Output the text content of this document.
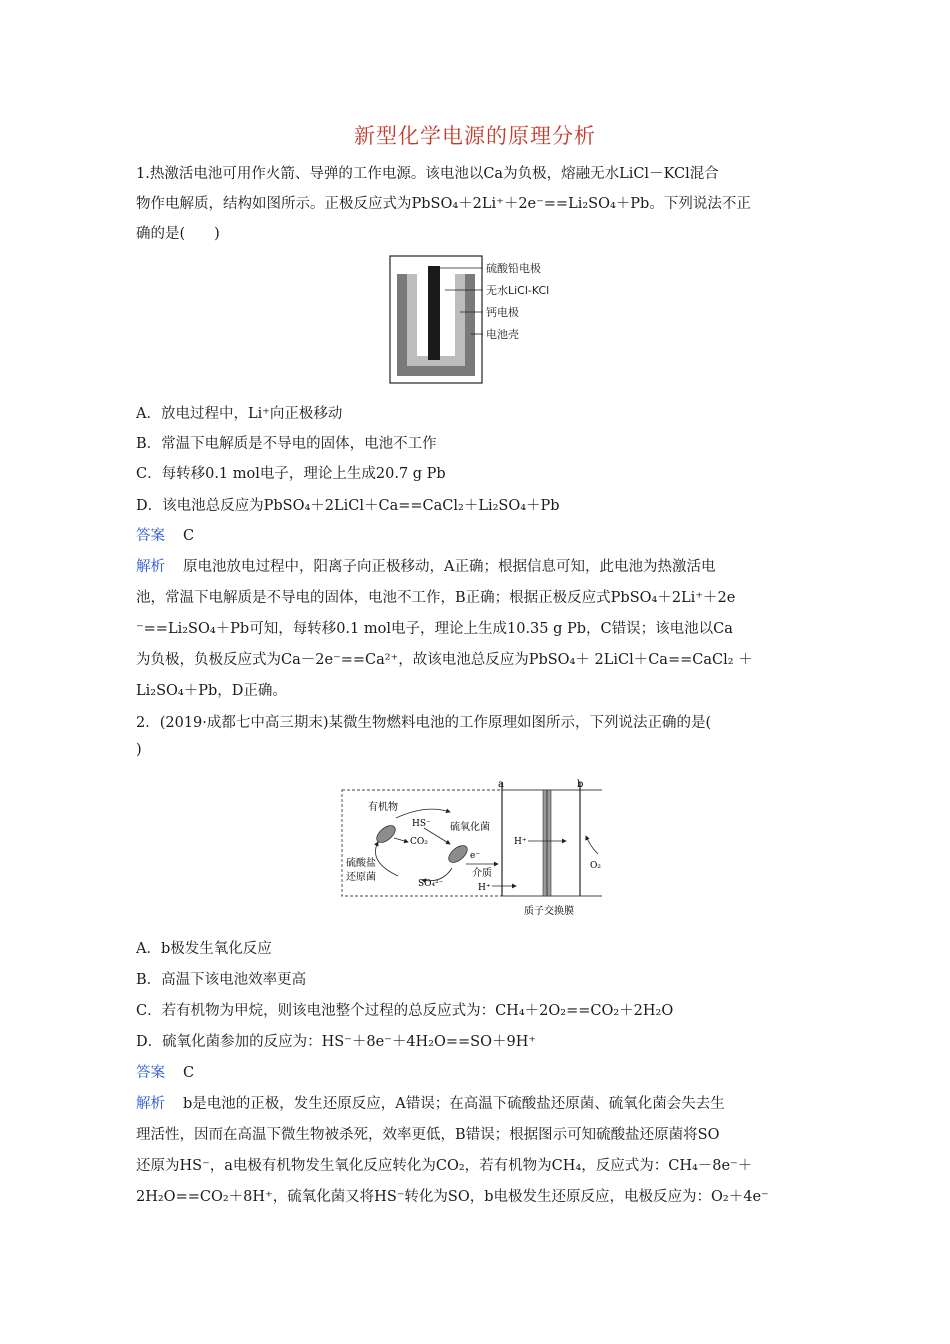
新型化学电源的原理分析
1.热激活电池可用作火箭、导弹的工作电源。该电池以Ca为负极，熔融无水LiCl－KCl混合
物作电解质，结构如图所示。正极反应式为PbSO₄＋2Li⁺＋2e⁻==Li₂SO₄＋Pb。下列说法不正
确的是(　　)
硫酸铅电极
无水LiCl-KCl
钙电极
电池壳
A．放电过程中，Li⁺向正极移动
B．常温下电解质是不导电的固体，电池不工作
C．每转移0.1 mol电子，理论上生成20.7 g Pb
D．该电池总反应为PbSO₄＋2LiCl＋Ca==CaCl₂＋Li₂SO₄＋Pb
答案 C
解析 原电池放电过程中，阳离子向正极移动，A正确；根据信息可知，此电池为热激活电
池，常温下电解质是不导电的固体，电池不工作，B正确；根据正极反应式PbSO₄＋2Li⁺＋2e
⁻==Li₂SO₄＋Pb可知，每转移0.1 mol电子，理论上生成10.35 g Pb，C错误；该电池以Ca
为负极，负极反应式为Ca－2e⁻==Ca²⁺，故该电池总反应为PbSO₄＋ 2LiCl＋Ca==CaCl₂ ＋
Li₂SO₄＋Pb，D正确。
2．(2019·成都七中高三期末)某微生物燃料电池的工作原理如图所示，下列说法正确的是(
)
a	b
质子交换膜
H⁺
O₂
有机物
HS⁻
CO₂
硫氧化菌
硫酸盐
还原菌
SO₄²⁻
e⁻
介质
H⁺
A．b极发生氧化反应
B．高温下该电池效率更高
C．若有机物为甲烷，则该电池整个过程的总反应式为：CH₄＋2O₂==CO₂＋2H₂O
D．硫氧化菌参加的反应为：HS⁻＋8e⁻＋4H₂O==SO＋9H⁺
答案 C
解析 b是电池的正极，发生还原反应，A错误；在高温下硫酸盐还原菌、硫氧化菌会失去生
理活性，因而在高温下微生物被杀死，效率更低，B错误；根据图示可知硫酸盐还原菌将SO
还原为HS⁻，a电极有机物发生氧化反应转化为CO₂，若有机物为CH₄，反应式为：CH₄－8e⁻＋
2H₂O==CO₂＋8H⁺，硫氧化菌又将HS⁻转化为SO，b电极发生还原反应，电极反应为：O₂＋4e⁻
